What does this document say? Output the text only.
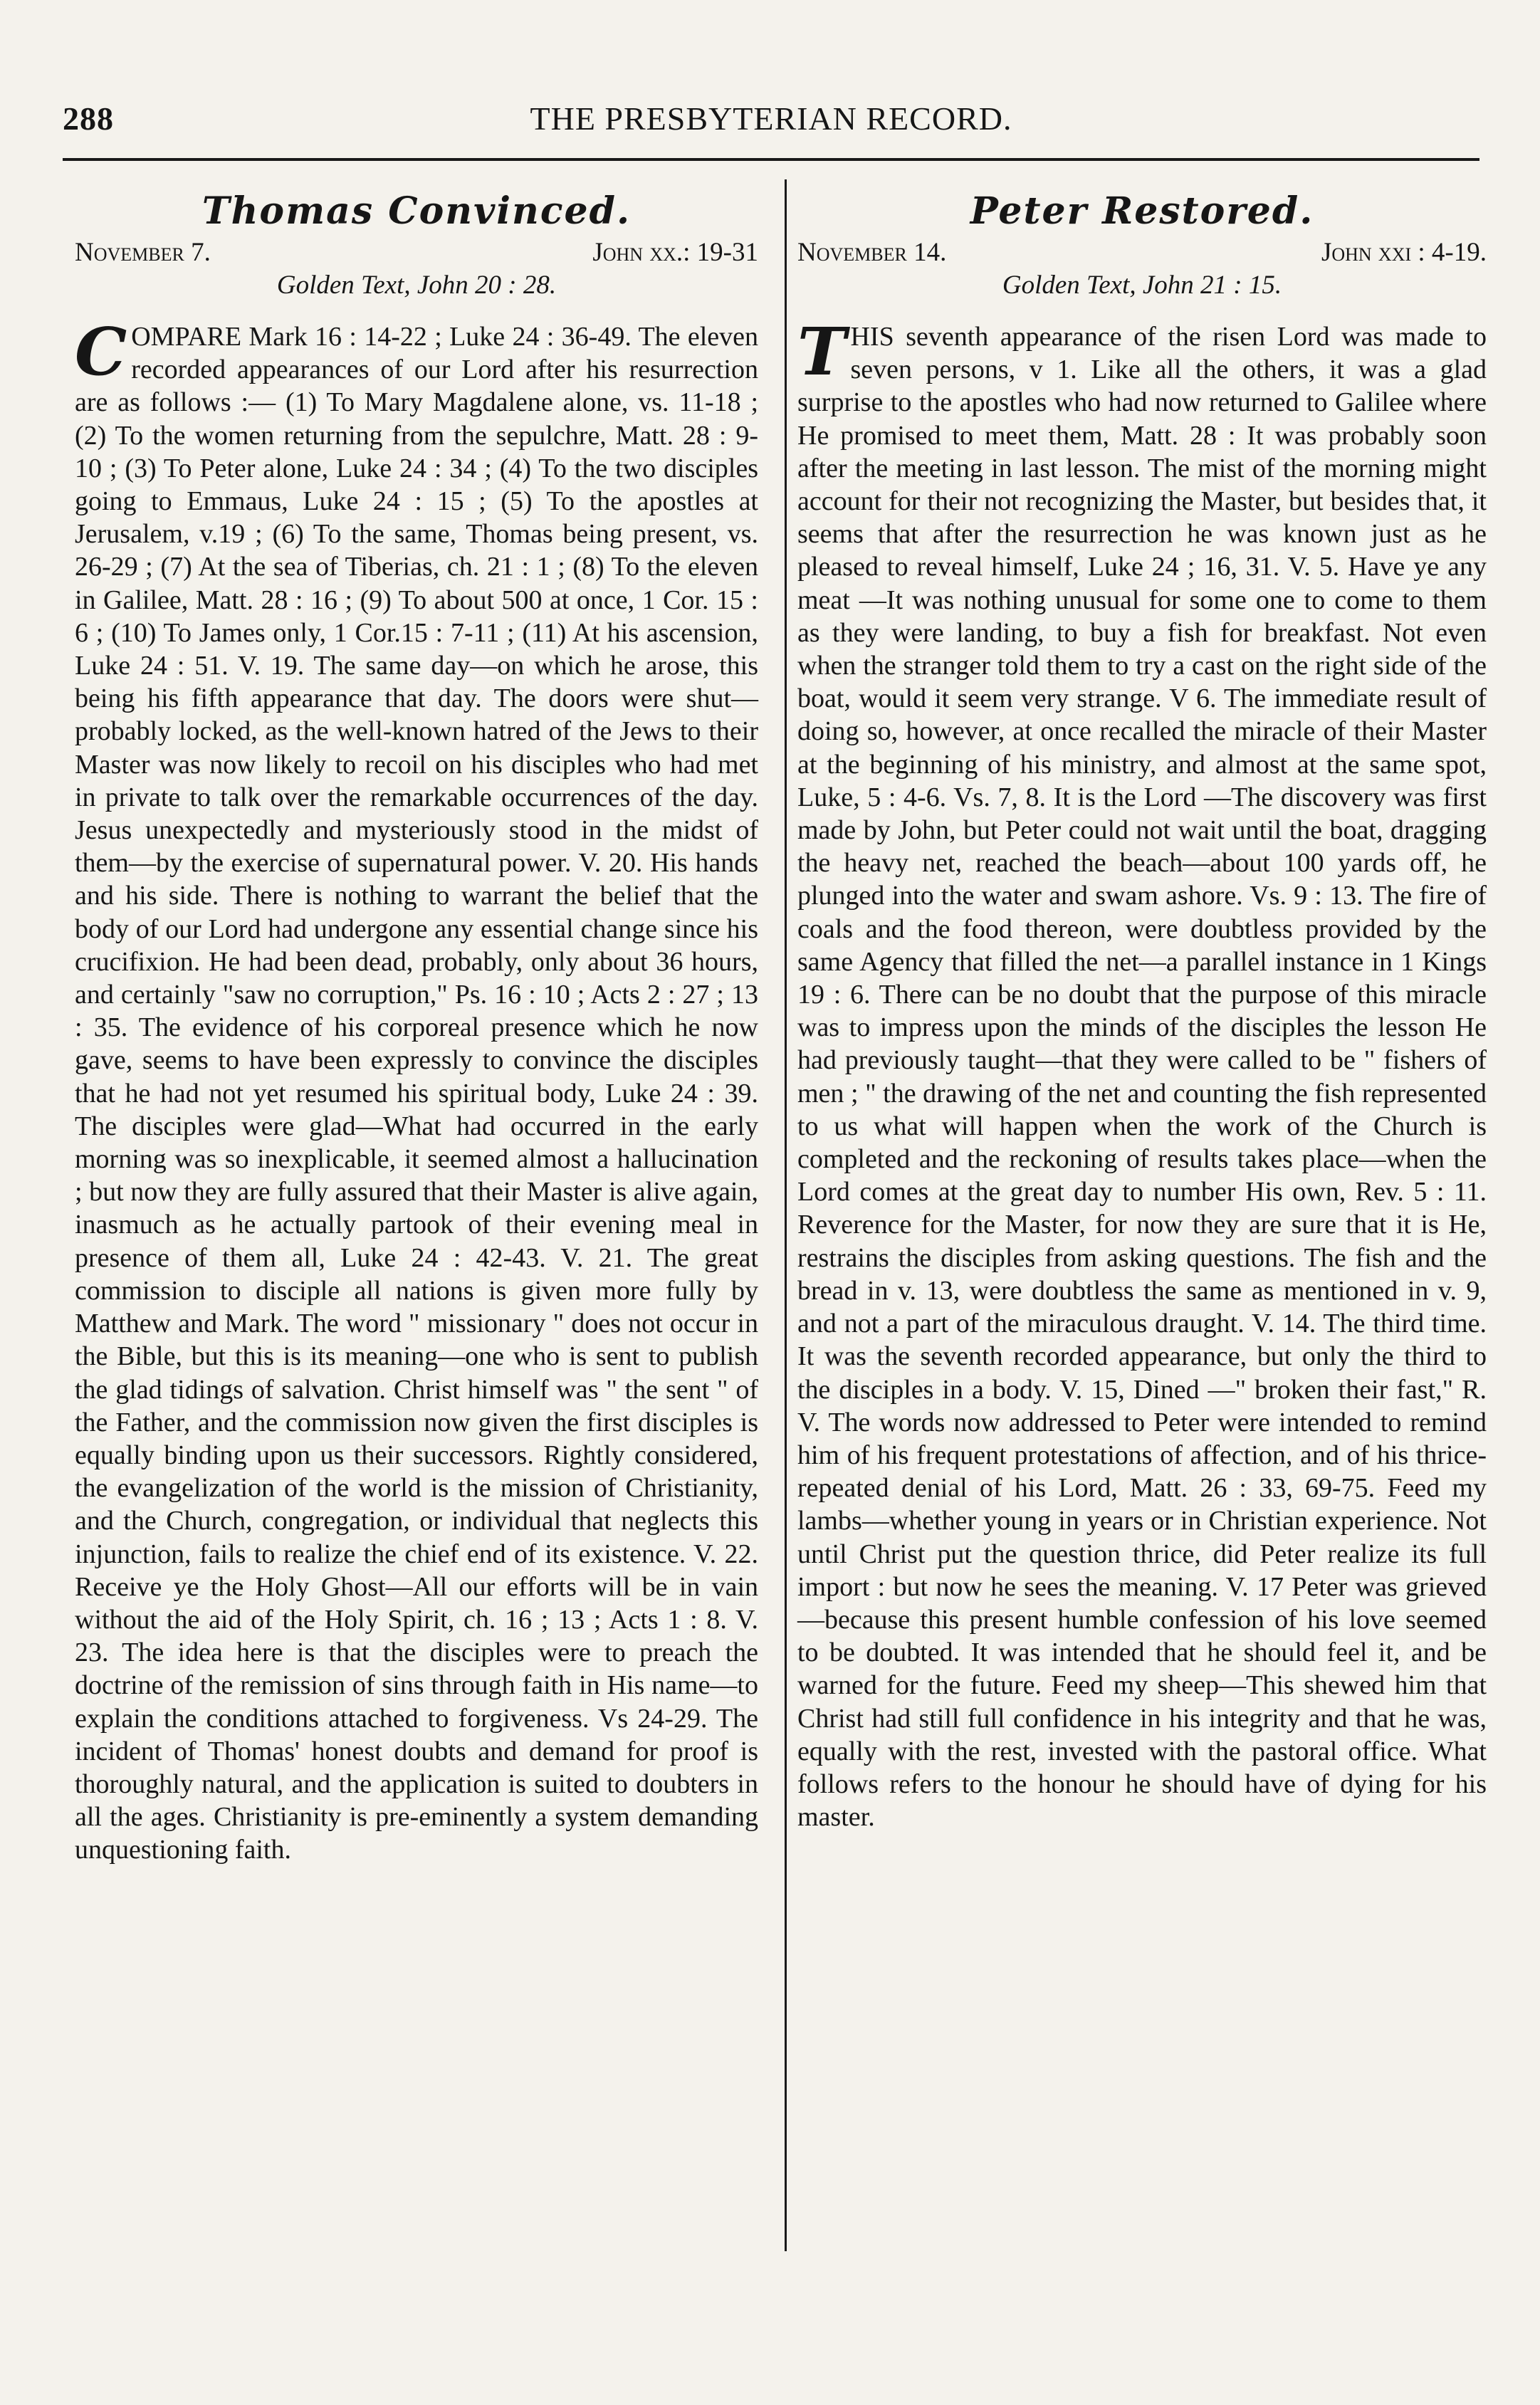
288	THE PRESBYTERIAN RECORD.
Thomas Convinced.
November 7.	John xx.: 19-31
Golden Text, John 20 : 28.
COMPARE Mark 16 : 14-22 ; Luke 24 : 36-49. The eleven recorded appearances of our Lord after his resurrection are as follows :— (1) To Mary Magdalene alone, vs. 11-18 ; (2) To the women returning from the sepulchre, Matt. 28 : 9-10 ; (3) To Peter alone, Luke 24 : 34 ; (4) To the two disciples going to Emmaus, Luke 24 : 15 ; (5) To the apostles at Jerusalem, v.19 ; (6) To the same, Thomas being present, vs. 26-29 ; (7) At the sea of Tiberias, ch. 21 : 1 ; (8) To the eleven in Galilee, Matt. 28 : 16 ; (9) To about 500 at once, 1 Cor. 15 : 6 ; (10) To James only, 1 Cor.15 : 7-11 ; (11) At his ascension, Luke 24 : 51. V. 19. The same day—on which he arose, this being his fifth appearance that day. The doors were shut—probably locked, as the well-known hatred of the Jews to their Master was now likely to recoil on his disciples who had met in private to talk over the remarkable occurrences of the day. Jesus unexpectedly and mysteriously stood in the midst of them—by the exercise of supernatural power. V. 20. His hands and his side. There is nothing to warrant the belief that the body of our Lord had undergone any essential change since his crucifixion. He had been dead, probably, only about 36 hours, and certainly "saw no corruption," Ps. 16 : 10 ; Acts 2 : 27 ; 13 : 35. The evidence of his corporeal presence which he now gave, seems to have been expressly to convince the disciples that he had not yet resumed his spiritual body, Luke 24 : 39. The disciples were glad—What had occurred in the early morning was so inexplicable, it seemed almost a hallucination ; but now they are fully assured that their Master is alive again, inasmuch as he actually partook of their evening meal in presence of them all, Luke 24 : 42-43. V. 21. The great commission to disciple all nations is given more fully by Matthew and Mark. The word " missionary " does not occur in the Bible, but this is its meaning—one who is sent to publish the glad tidings of salvation. Christ himself was " the sent " of the Father, and the commission now given the first disciples is equally binding upon us their successors. Rightly considered, the evangelization of the world is the mission of Christianity, and the Church, congregation, or individual that neglects this injunction, fails to realize the chief end of its existence. V. 22. Receive ye the Holy Ghost—All our efforts will be in vain without the aid of the Holy Spirit, ch. 16 ; 13 ; Acts 1 : 8. V. 23. The idea here is that the disciples were to preach the doctrine of the remission of sins through faith in His name—to explain the conditions attached to forgiveness. Vs 24-29. The incident of Thomas' honest doubts and demand for proof is thoroughly natural, and the application is suited to doubters in all the ages. Christianity is pre-eminently a system demanding unquestioning faith.
Peter Restored.
November 14.	John xxi : 4-19.
Golden Text, John 21 : 15.
THIS seventh appearance of the risen Lord was made to seven persons, v 1. Like all the others, it was a glad surprise to the apostles who had now returned to Galilee where He promised to meet them, Matt. 28 : It was probably soon after the meeting in last lesson. The mist of the morning might account for their not recognizing the Master, but besides that, it seems that after the resurrection he was known just as he pleased to reveal himself, Luke 24 ; 16, 31. V. 5. Have ye any meat —It was nothing unusual for some one to come to them as they were landing, to buy a fish for breakfast. Not even when the stranger told them to try a cast on the right side of the boat, would it seem very strange. V 6. The immediate result of doing so, however, at once recalled the miracle of their Master at the beginning of his ministry, and almost at the same spot, Luke, 5 : 4-6. Vs. 7, 8. It is the Lord —The discovery was first made by John, but Peter could not wait until the boat, dragging the heavy net, reached the beach—about 100 yards off, he plunged into the water and swam ashore. Vs. 9 : 13. The fire of coals and the food thereon, were doubtless provided by the same Agency that filled the net—a parallel instance in 1 Kings 19 : 6. There can be no doubt that the purpose of this miracle was to impress upon the minds of the disciples the lesson He had previously taught—that they were called to be " fishers of men ; " the drawing of the net and counting the fish represented to us what will happen when the work of the Church is completed and the reckoning of results takes place—when the Lord comes at the great day to number His own, Rev. 5 : 11. Reverence for the Master, for now they are sure that it is He, restrains the disciples from asking questions. The fish and the bread in v. 13, were doubtless the same as mentioned in v. 9, and not a part of the miraculous draught. V. 14. The third time. It was the seventh recorded appearance, but only the third to the disciples in a body. V. 15, Dined —" broken their fast," R. V. The words now addressed to Peter were intended to remind him of his frequent protestations of affection, and of his thrice-repeated denial of his Lord, Matt. 26 : 33, 69-75. Feed my lambs—whether young in years or in Christian experience. Not until Christ put the question thrice, did Peter realize its full import : but now he sees the meaning. V. 17 Peter was grieved—because this present humble confession of his love seemed to be doubted. It was intended that he should feel it, and be warned for the future. Feed my sheep—This shewed him that Christ had still full confidence in his integrity and that he was, equally with the rest, invested with the pastoral office. What follows refers to the honour he should have of dying for his master.
